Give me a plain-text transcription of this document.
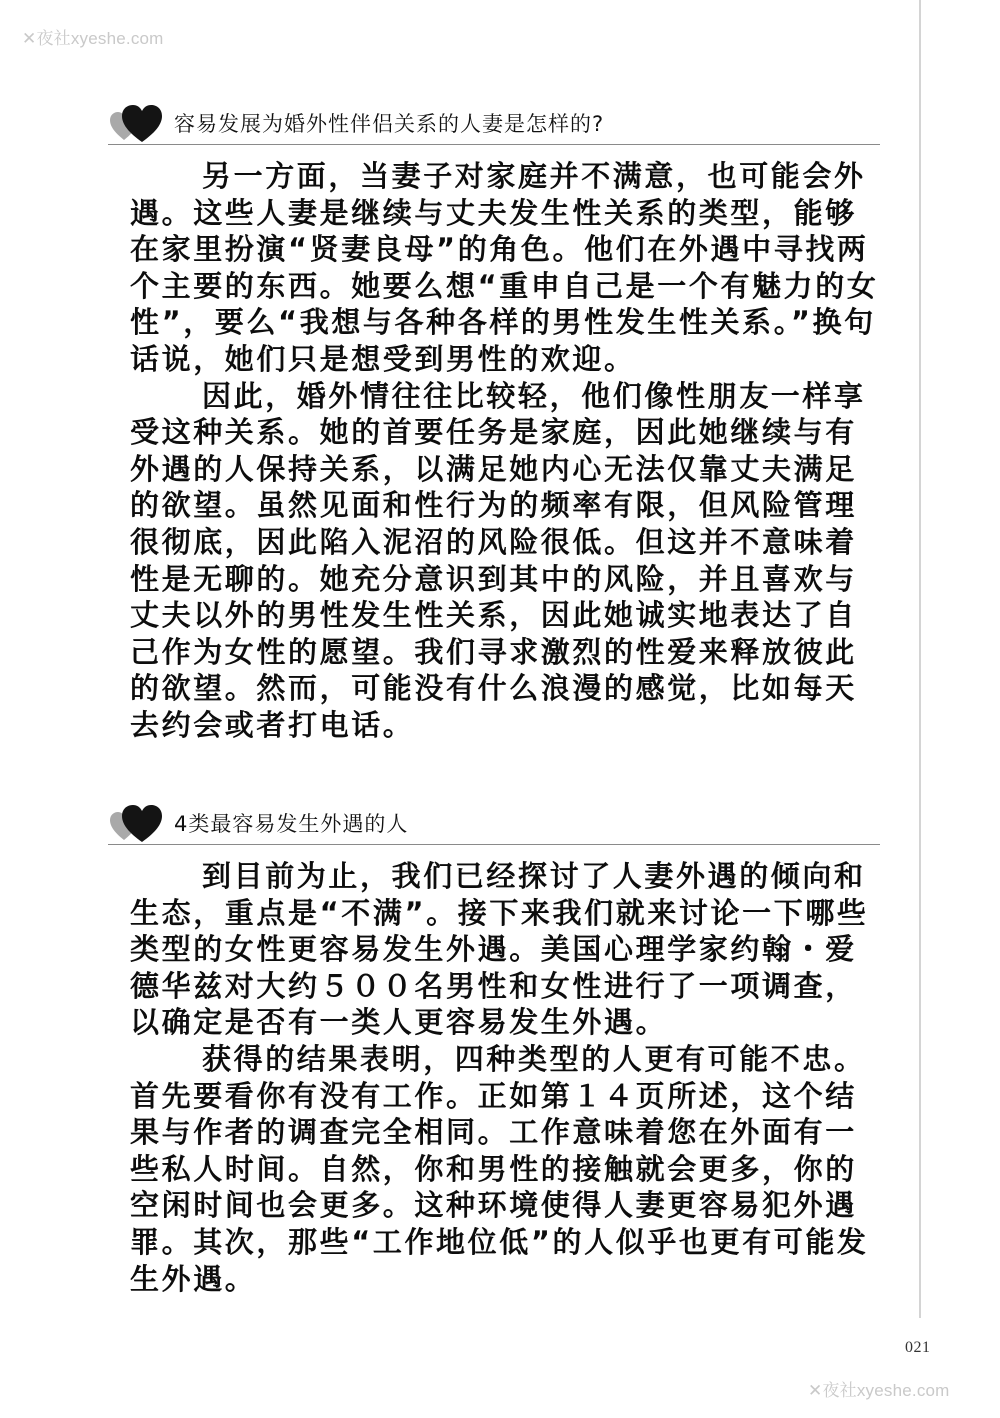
✕夜社xyeshe.com
容易发展为婚外性伴侣关系的人妻是怎样的?

另一方面，当妻子对家庭并不满意，也可能会外遇。这些人妻是继续与丈夫发生性关系的类型，能够在家里扮演“贤妻良母”的角色。他们在外遇中寻找两个主要的东西。她要么想“重申自己是一个有魅力的女性”，要么“我想与各种各样的男性发生性关系。”换句话说，她们只是想受到男性的欢迎。

因此，婚外情往往比较轻，他们像性朋友一样享受这种关系。她的首要任务是家庭，因此她继续与有外遇的人保持关系，以满足她内心无法仅靠丈夫满足的欲望。虽然见面和性行为的频率有限，但风险管理很彻底，因此陷入泥沼的风险很低。但这并不意味着性是无聊的。她充分意识到其中的风险，并且喜欢与丈夫以外的男性发生性关系，因此她诚实地表达了自己作为女性的愿望。我们寻求激烈的性爱来释放彼此的欲望。然而，可能没有什么浪漫的感觉，比如每天去约会或者打电话。

4类最容易发生外遇的人

到目前为止，我们已经探讨了人妻外遇的倾向和生态，重点是“不满”。接下来我们就来讨论一下哪些类型的女性更容易发生外遇。美国心理学家约翰・爱德华兹对大约５００名男性和女性进行了一项调查，以确定是否有一类人更容易发生外遇。

获得的结果表明，四种类型的人更有可能不忠。首先要看你有没有工作。正如第１４页所述，这个结果与作者的调查完全相同。工作意味着您在外面有一些私人时间。自然，你和男性的接触就会更多，你的空闲时间也会更多。这种环境使得人妻更容易犯外遇罪。其次，那些“工作地位低”的人似乎也更有可能发生外遇。

021
✕夜社xyeshe.com
